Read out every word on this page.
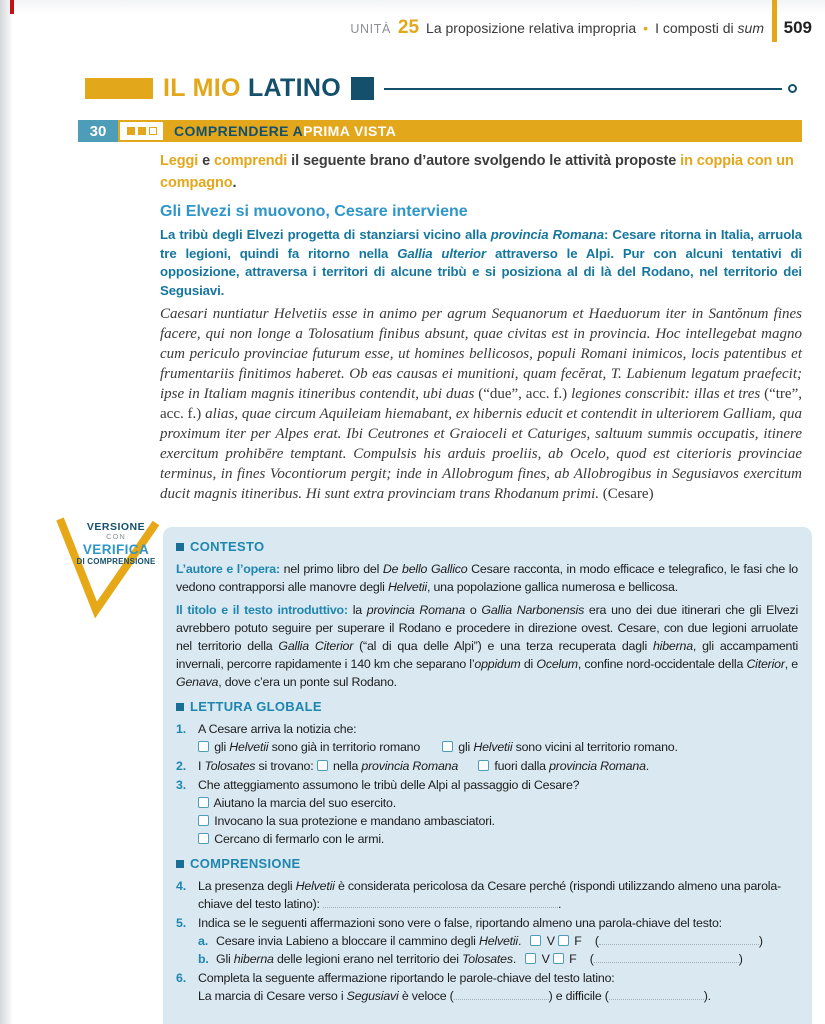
UNITÀ 25 La proposizione relativa impropria • I composti di sum 509
IL MIO LATINO
30	COMPRENDERE A PRIMA VISTA

Leggi e comprendi il seguente brano d’autore svolgendo le attività proposte in coppia con un compagno.

Gli Elvezi si muovono, Cesare interviene

La tribù degli Elvezi progetta di stanziarsi vicino alla provincia Romana: Cesare ritorna in Italia, arruola tre legioni, quindi fa ritorno nella Gallia ulterior attraverso le Alpi. Pur con alcuni tentativi di opposizione, attraversa i territori di alcune tribù e si posiziona al di là del Rodano, nel territorio dei Segusiavi.

Caesari nuntiatur Helvetiis esse in animo per agrum Sequanorum et Haeduorum iter in Santŏnum fines facere, qui non longe a Tolosatium finibus absunt, quae civitas est in provincia. Hoc intellegebat magno cum periculo provinciae futurum esse, ut homines bellicosos, populi Romani inimicos, locis patentibus et frumentariis finitimos haberet. Ob eas causas ei munitioni, quam fecĕrat, T. Labienum legatum praefecit; ipse in Italiam magnis itineribus contendit, ubi duas (“due”, acc. f.) legiones conscribit: illas et tres (“tre”, acc. f.) alias, quae circum Aquileiam hiemabant, ex hibernis educit et contendit in ulteriorem Galliam, qua proximum iter per Alpes erat. Ibi Ceutrones et Graioceli et Caturiges, saltuum summis occupatis, itinere exercitum prohibēre temptant. Compulsis his arduis proeliis, ab Ocelo, quod est citerioris provinciae terminus, in fines Vocontiorum pergit; inde in Allobrogum fines, ab Allobrogibus in Segusiavos exercitum ducit magnis itineribus. Hi sunt extra provinciam trans Rhodanum primi. (Cesare)

VERSIONE
CON
VERIFICA
DI COMPRENSIONE
CONTESTO

L’autore e l’opera: nel primo libro del De bello Gallico Cesare racconta, in modo efficace e telegrafico, le fasi che lo vedono contrapporsi alle manovre degli Helvetii, una popolazione gallica numerosa e bellicosa.

Il titolo e il testo introduttivo: la provincia Romana o Gallia Narbonensis era uno dei due itinerari che gli Elvezi avrebbero potuto seguire per superare il Rodano e procedere in direzione ovest. Cesare, con due legioni arruolate nel territorio della Gallia Citerior (“al di qua delle Alpi”) e una terza recuperata dagli hiberna, gli accampamenti invernali, percorre rapidamente i 140 km che separano l’oppidum di Ocelum, confine nord-occidentale della Citerior, e Genava, dove c’era un ponte sul Rodano.

LETTURA GLOBALE
1. A Cesare arriva la notizia che:
gli Helvetii sono già in territorio romano	gli Helvetii sono vicini al territorio romano.
2. I Tolosates si trovano:  nella provincia Romana	fuori dalla provincia Romana.
3. Che atteggiamento assumono le tribù delle Alpi al passaggio di Cesare?
Aiutano la marcia del suo esercito.
Invocano la sua protezione e mandano ambasciatori.
Cercano di fermarlo con le armi.
COMPRENSIONE
4. La presenza degli Helvetii è considerata pericolosa da Cesare perché (rispondi utilizzando almeno una parola-chiave del testo latino):	.
5. Indica se le seguenti affermazioni sono vere o false, riportando almeno una parola-chiave del testo:
a. Cesare invia Labieno a bloccare il cammino degli Helvetii.  V  F (	)
b. Gli hiberna delle legioni erano nel territorio dei Tolosates.  V  F (	)
6. Completa la seguente affermazione riportando le parole-chiave del testo latino:
La marcia di Cesare verso i Segusiavi è veloce (	) e difficile (	).
